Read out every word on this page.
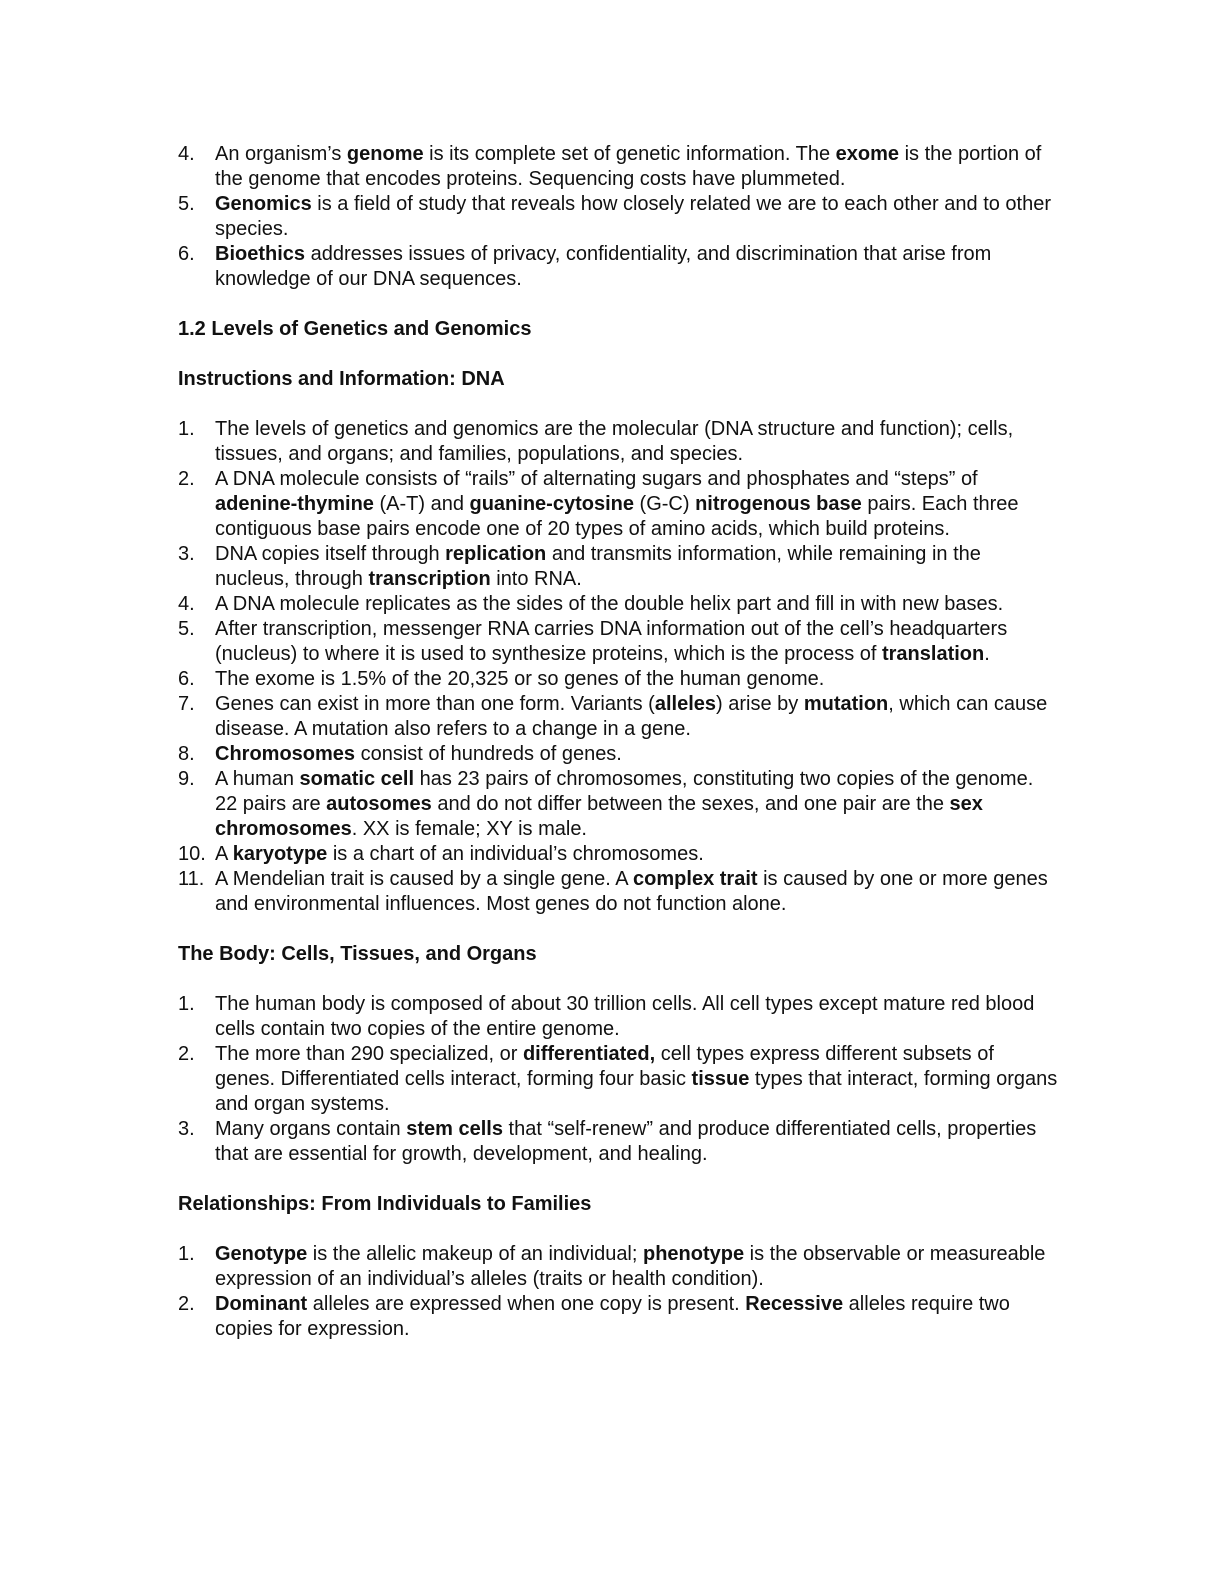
4. An organism’s genome is its complete set of genetic information. The exome is the portion of the genome that encodes proteins. Sequencing costs have plummeted.
5. Genomics is a field of study that reveals how closely related we are to each other and to other species.
6. Bioethics addresses issues of privacy, confidentiality, and discrimination that arise from knowledge of our DNA sequences.
1.2 Levels of Genetics and Genomics
Instructions and Information: DNA
1. The levels of genetics and genomics are the molecular (DNA structure and function); cells, tissues, and organs; and families, populations, and species.
2. A DNA molecule consists of “rails” of alternating sugars and phosphates and “steps” of adenine-thymine (A-T) and guanine-cytosine (G-C) nitrogenous base pairs. Each three contiguous base pairs encode one of 20 types of amino acids, which build proteins.
3. DNA copies itself through replication and transmits information, while remaining in the nucleus, through transcription into RNA.
4. A DNA molecule replicates as the sides of the double helix part and fill in with new bases.
5. After transcription, messenger RNA carries DNA information out of the cell’s headquarters (nucleus) to where it is used to synthesize proteins, which is the process of translation.
6. The exome is 1.5% of the 20,325 or so genes of the human genome.
7. Genes can exist in more than one form. Variants (alleles) arise by mutation, which can cause disease. A mutation also refers to a change in a gene.
8. Chromosomes consist of hundreds of genes.
9. A human somatic cell has 23 pairs of chromosomes, constituting two copies of the genome. 22 pairs are autosomes and do not differ between the sexes, and one pair are the sex chromosomes. XX is female; XY is male.
10. A karyotype is a chart of an individual’s chromosomes.
11. A Mendelian trait is caused by a single gene. A complex trait is caused by one or more genes and environmental influences. Most genes do not function alone.
The Body: Cells, Tissues, and Organs
1. The human body is composed of about 30 trillion cells. All cell types except mature red blood cells contain two copies of the entire genome.
2. The more than 290 specialized, or differentiated, cell types express different subsets of genes. Differentiated cells interact, forming four basic tissue types that interact, forming organs and organ systems.
3. Many organs contain stem cells that “self-renew” and produce differentiated cells, properties that are essential for growth, development, and healing.
Relationships: From Individuals to Families
1. Genotype is the allelic makeup of an individual; phenotype is the observable or measureable expression of an individual’s alleles (traits or health condition).
2. Dominant alleles are expressed when one copy is present. Recessive alleles require two copies for expression.
